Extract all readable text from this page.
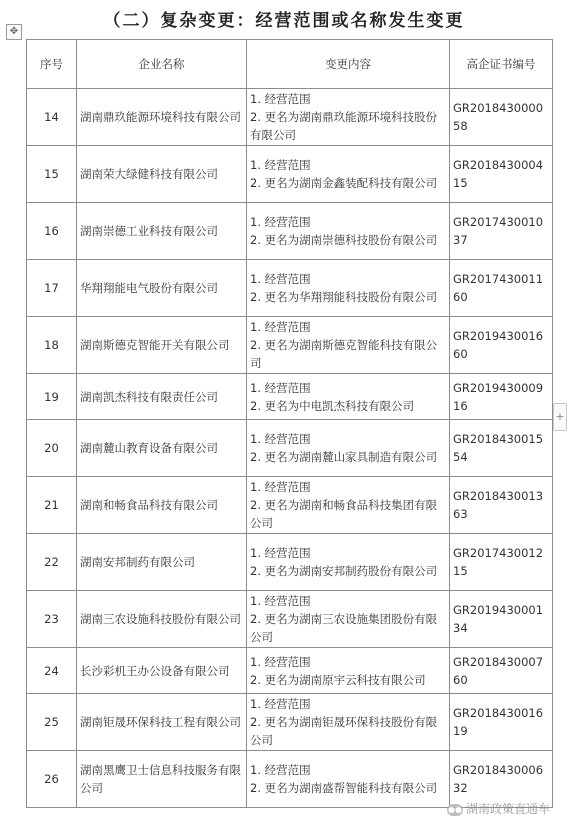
（二）复杂变更：经营范围或名称发生变更
✥
+
序号	企业名称	变更内容	高企证书编号
14	湖南鼎玖能源环境科技有限公司	1. 经营范围
2. 更名为湖南鼎玖能源环境科技股份有限公司	GR201843000058
15	湖南荣大绿健科技有限公司	1. 经营范围
2. 更名为湖南金鑫装配科技有限公司	GR201843000415
16	湖南崇德工业科技有限公司	1. 经营范围
2. 更名为湖南崇德科技股份有限公司	GR201743001037
17	华翔翔能电气股份有限公司	1. 经营范围
2. 更名为华翔翔能科技股份有限公司	GR201743001160
18	湖南斯德克智能开关有限公司	1. 经营范围
2. 更名为湖南斯德克智能科技有限公司	GR201943001660
19	湖南凯杰科技有限责任公司	1. 经营范围
2. 更名为中电凯杰科技有限公司	GR201943000916
20	湖南麓山教育设备有限公司	1. 经营范围
2. 更名为湖南麓山家具制造有限公司	GR201843001554
21	湖南和畅食品科技有限公司	1. 经营范围
2. 更名为湖南和畅食品科技集团有限公司	GR201843001363
22	湖南安邦制药有限公司	1. 经营范围
2. 更名为湖南安邦制药股份有限公司	GR201743001215
23	湖南三农设施科技股份有限公司	1. 经营范围
2. 更名为湖南三农设施集团股份有限公司	GR201943000134
24	长沙彩机王办公设备有限公司	1. 经营范围
2. 更名为湖南原宇云科技有限公司	GR201843000760
25	湖南钜晟环保科技工程有限公司	1. 经营范围
2. 更名为湖南钜晟环保科技股份有限公司	GR201843001619
26	湖南黑鹰卫士信息科技服务有限公司	1. 经营范围
2. 更名为湖南盛帮智能科技有限公司	GR201843000632
●● 湖南政策直通车
